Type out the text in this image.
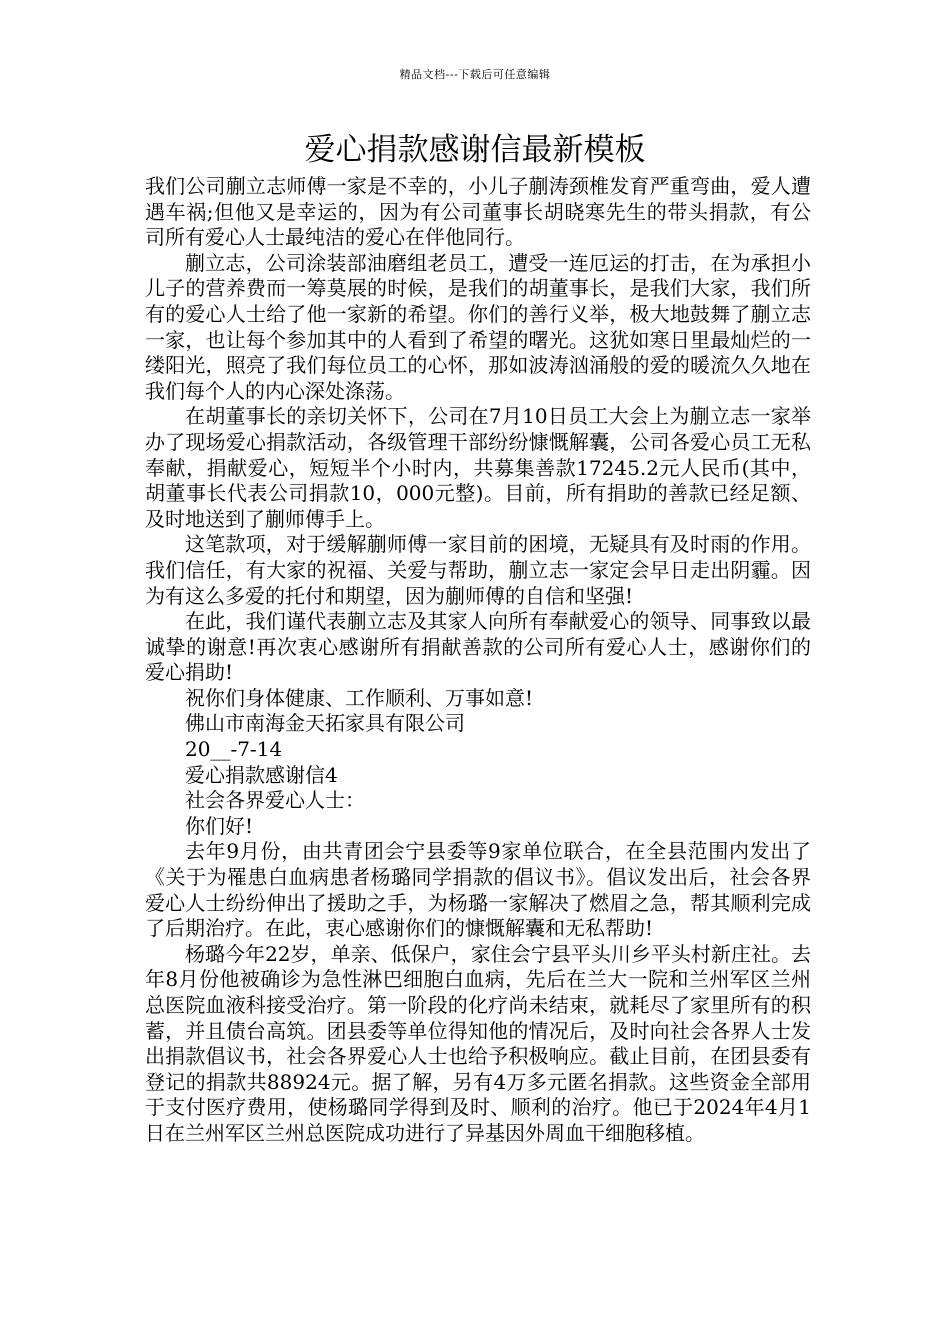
精品文档---下载后可任意编辑
爱心捐款感谢信最新模板

我们公司蒯立志师傅一家是不幸的，小儿子蒯涛颈椎发育严重弯曲，爱人遭遇车祸;但他又是幸运的，因为有公司董事长胡晓寒先生的带头捐款，有公司所有爱心人士最纯洁的爱心在伴他同行。

蒯立志，公司涂装部油磨组老员工，遭受一连厄运的打击，在为承担小儿子的营养费而一筹莫展的时候，是我们的胡董事长，是我们大家，我们所有的爱心人士给了他一家新的希望。你们的善行义举，极大地鼓舞了蒯立志一家，也让每个参加其中的人看到了希望的曙光。这犹如寒日里最灿烂的一缕阳光，照亮了我们每位员工的心怀，那如波涛汹涌般的爱的暖流久久地在我们每个人的内心深处涤荡。

在胡董事长的亲切关怀下，公司在7月10日员工大会上为蒯立志一家举办了现场爱心捐款活动，各级管理干部纷纷慷慨解囊，公司各爱心员工无私奉献，捐献爱心，短短半个小时内，共募集善款17245.2元人民币(其中，胡董事长代表公司捐款10，000元整)。目前，所有捐助的善款已经足额、及时地送到了蒯师傅手上。

这笔款项，对于缓解蒯师傅一家目前的困境，无疑具有及时雨的作用。我们信任，有大家的祝福、关爱与帮助，蒯立志一家定会早日走出阴霾。因为有这么多爱的托付和期望，因为蒯师傅的自信和坚强!

在此，我们谨代表蒯立志及其家人向所有奉献爱心的领导、同事致以最诚挚的谢意!再次衷心感谢所有捐献善款的公司所有爱心人士，感谢你们的爱心捐助!

祝你们身体健康、工作顺利、万事如意!

佛山市南海金天拓家具有限公司

20__-7-14

爱心捐款感谢信4

社会各界爱心人士：

你们好!

去年9月份，由共青团会宁县委等9家单位联合，在全县范围内发出了《关于为罹患白血病患者杨璐同学捐款的倡议书》。倡议发出后，社会各界爱心人士纷纷伸出了援助之手，为杨璐一家解决了燃眉之急，帮其顺利完成了后期治疗。在此，衷心感谢你们的慷慨解囊和无私帮助!

杨璐今年22岁，单亲、低保户，家住会宁县平头川乡平头村新庄社。去年8月份他被确诊为急性淋巴细胞白血病，先后在兰大一院和兰州军区兰州总医院血液科接受治疗。第一阶段的化疗尚未结束，就耗尽了家里所有的积蓄，并且债台高筑。团县委等单位得知他的情况后，及时向社会各界人士发出捐款倡议书，社会各界爱心人士也给予积极响应。截止目前，在团县委有登记的捐款共88924元。据了解，另有4万多元匿名捐款。这些资金全部用于支付医疗费用，使杨璐同学得到及时、顺利的治疗。他已于2024年4月1日在兰州军区兰州总医院成功进行了异基因外周血干细胞移植。
